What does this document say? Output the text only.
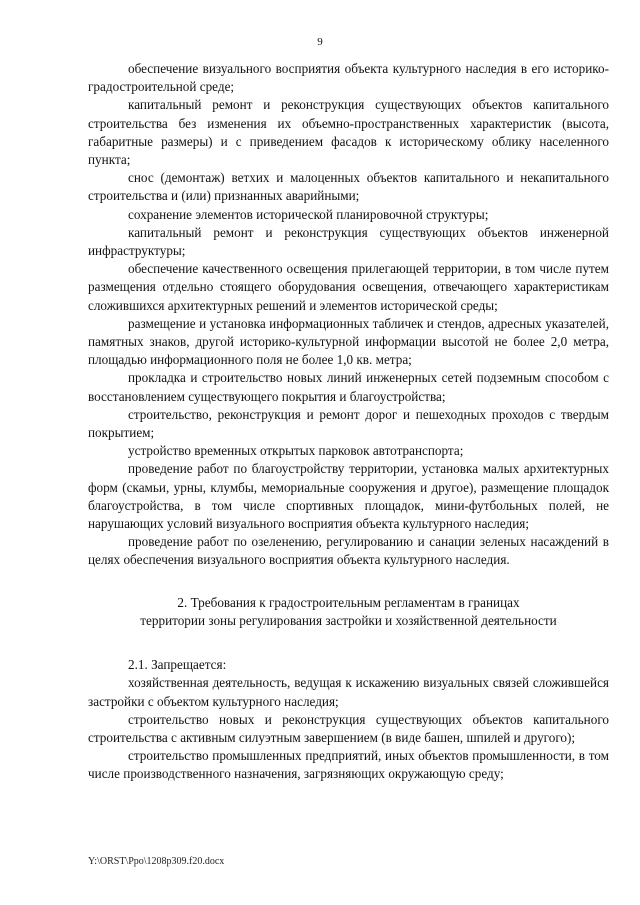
9

обеспечение визуального восприятия объекта культурного наследия в его историко-градостроительной среде;

капитальный ремонт и реконструкция существующих объектов капитального строительства без изменения их объемно-пространственных характеристик (высота, габаритные размеры) и с приведением фасадов к историческому облику населенного пункта;

снос (демонтаж) ветхих и малоценных объектов капитального и некапитального строительства и (или) признанных аварийными;

сохранение элементов исторической планировочной структуры;

капитальный ремонт и реконструкция существующих объектов инженерной инфраструктуры;

обеспечение качественного освещения прилегающей территории, в том числе путем размещения отдельно стоящего оборудования освещения, отвечающего характеристикам сложившихся архитектурных решений и элементов исторической среды;

размещение и установка информационных табличек и стендов, адресных указателей, памятных знаков, другой историко-культурной информации высотой не более 2,0 метра, площадью информационного поля не более 1,0 кв. метра;

прокладка и строительство новых линий инженерных сетей подземным способом с восстановлением существующего покрытия и благоустройства;

строительство, реконструкция и ремонт дорог и пешеходных проходов с твердым покрытием;

устройство временных открытых парковок автотранспорта;

проведение работ по благоустройству территории, установка малых архитектурных форм (скамьи, урны, клумбы, мемориальные сооружения и другое), размещение площадок благоустройства, в том числе спортивных площадок, мини-футбольных полей, не нарушающих условий визуального восприятия объекта культурного наследия;

проведение работ по озеленению, регулированию и санации зеленых насаждений в целях обеспечения визуального восприятия объекта культурного наследия.

2. Требования к градостроительным регламентам в границах
территории зоны регулирования застройки и хозяйственной деятельности

2.1. Запрещается:

хозяйственная деятельность, ведущая к искажению визуальных связей сложившейся застройки с объектом культурного наследия;

строительство новых и реконструкция существующих объектов капитального строительства с активным силуэтным завершением (в виде башен, шпилей и другого);

строительство промышленных предприятий, иных объектов промышленности, в том числе производственного назначения, загрязняющих окружающую среду;

Y:\ORST\Ppo\1208p309.f20.docx
